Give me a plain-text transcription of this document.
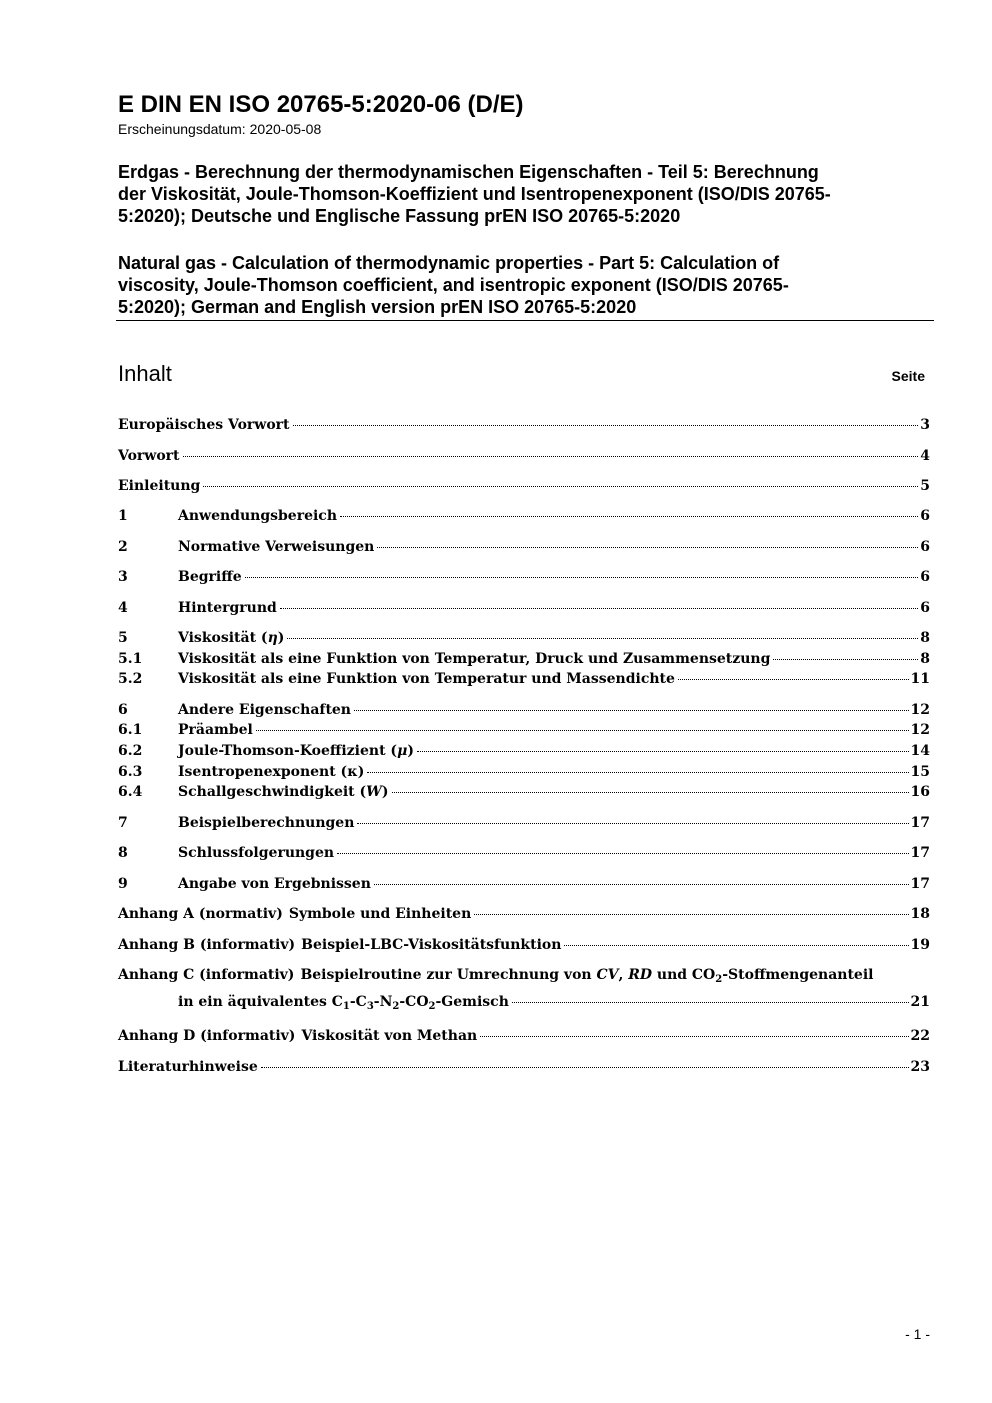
E DIN EN ISO 20765-5:2020-06 (D/E)
Erscheinungsdatum: 2020-05-08
Erdgas - Berechnung der thermodynamischen Eigenschaften - Teil 5: Berechnung
der Viskosität, Joule-Thomson-Koeffizient und Isentropenexponent (ISO/DIS 20765-
5:2020); Deutsche und Englische Fassung prEN ISO 20765-5:2020
Natural gas - Calculation of thermodynamic properties - Part 5: Calculation of
viscosity, Joule-Thomson coefficient, and isentropic exponent (ISO/DIS 20765-
5:2020); German and English version prEN ISO 20765-5:2020
Inhalt	Seite
Europäisches Vorwort	3
Vorwort	4
Einleitung	5
1	Anwendungsbereich	6
2	Normative Verweisungen	6
3	Begriffe	6
4	Hintergrund	6
5	Viskosität (η)	8
5.1	Viskosität als eine Funktion von Temperatur, Druck und Zusammensetzung	8
5.2	Viskosität als eine Funktion von Temperatur und Massendichte	11
6	Andere Eigenschaften	12
6.1	Präambel	12
6.2	Joule-Thomson-Koeffizient (μ)	14
6.3	Isentropenexponent (κ)	15
6.4	Schallgeschwindigkeit (W)	16
7	Beispielberechnungen	17
8	Schlussfolgerungen	17
9	Angabe von Ergebnissen	17
Anhang A (normativ) Symbole und Einheiten	18
Anhang B (informativ) Beispiel-LBC-Viskositätsfunktion	19
Anhang C (informativ) Beispielroutine zur Umrechnung von CV, RD und $CO_2$-Stoffmengenanteil
in ein äquivalentes $C_1-C_3-N_2-CO_2$-Gemisch	21
Anhang D (informativ) Viskosität von Methan	22
Literaturhinweise	23
- 1 -
